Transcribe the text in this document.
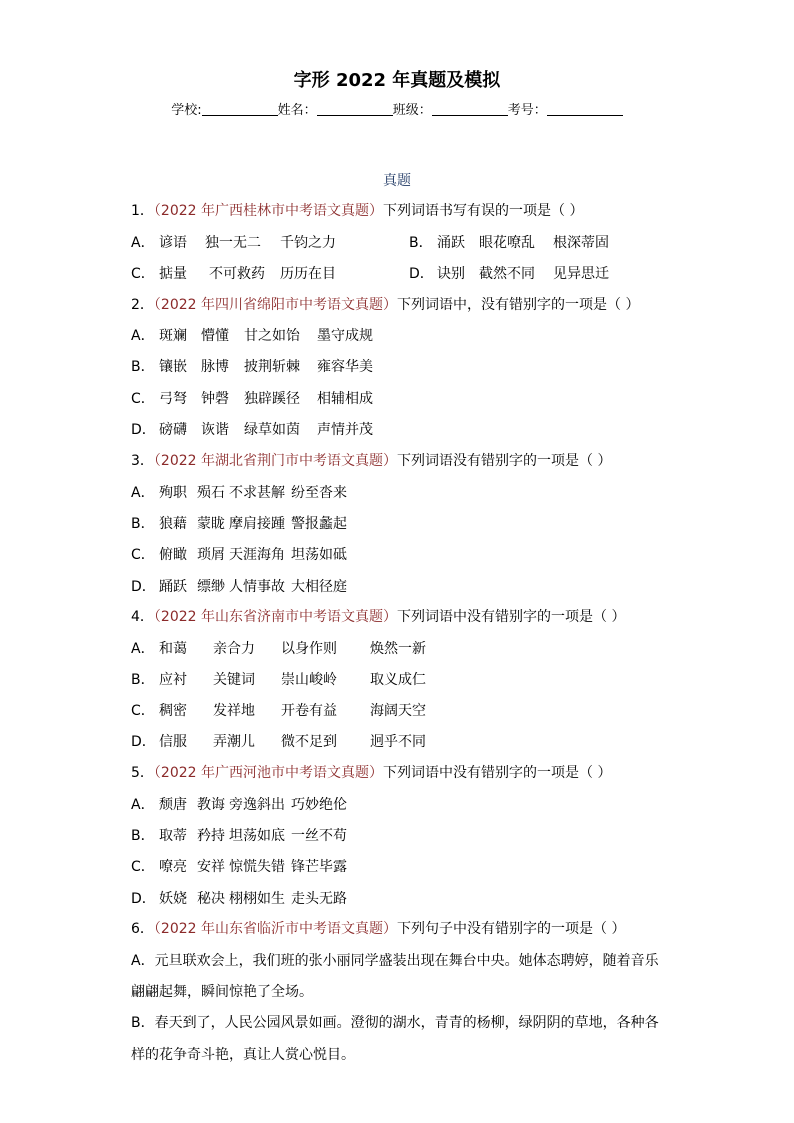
字形 2022 年真题及模拟
学校:	姓名：	班级：	考号：
真题
1．（2022 年广西桂林市中考语文真题）下列词语书写有误的一项是（ ）
A． 谚语 独一无二 千钧之力	B． 涌跃 眼花嘹乱 根深蒂固
C． 掂量 不可救药 历历在目	D． 诀别 截然不同 见异思迁
2．（2022 年四川省绵阳市中考语文真题）下列词语中，没有错别字的一项是（ ）
A． 斑斓 懵懂 甘之如饴 墨守成规
B． 镶嵌 脉博 披荆斩棘 雍容华美
C． 弓弩 钟磬 独辟蹊径 相辅相成
D． 磅礴 诙谐 绿草如茵 声情并茂
3．（2022 年湖北省荆门市中考语文真题）下列词语没有错别字的一项是（ ）
A． 殉职 殒石 不求甚解 纷至沓来
B． 狼藉 蒙眬 摩肩接踵 警报蠡起
C． 俯瞰 琐屑 天涯海角 坦荡如砥
D． 踊跃 缥缈 人情事故 大相径庭
4．（2022 年山东省济南市中考语文真题）下列词语中没有错别字的一项是（ ）
A． 和蔼 亲合力 以身作则 焕然一新
B． 应衬 关键词 崇山峻岭 取义成仁
C． 稠密 发祥地 开卷有益 海阔天空
D． 信服 弄潮儿 微不足到 迥乎不同
5．（2022 年广西河池市中考语文真题）下列词语中没有错别字的一项是（ ）
A． 颓唐 教诲 旁逸斜出 巧妙绝伦
B． 取蒂 矜持 坦荡如底 一丝不苟
C． 嘹亮 安祥 惊慌失错 锋芒毕露
D． 妖娆 秘决 栩栩如生 走头无路
6．（2022 年山东省临沂市中考语文真题）下列句子中没有错别字的一项是（ ）
A．元旦联欢会上，我们班的张小丽同学盛装出现在舞台中央。她体态聘婷，随着音乐
翩翩起舞，瞬间惊艳了全场。
B．春天到了，人民公园风景如画。澄彻的湖水，青青的杨柳，绿阴阴的草地，各种各
样的花争奇斗艳，真让人赏心悦目。
